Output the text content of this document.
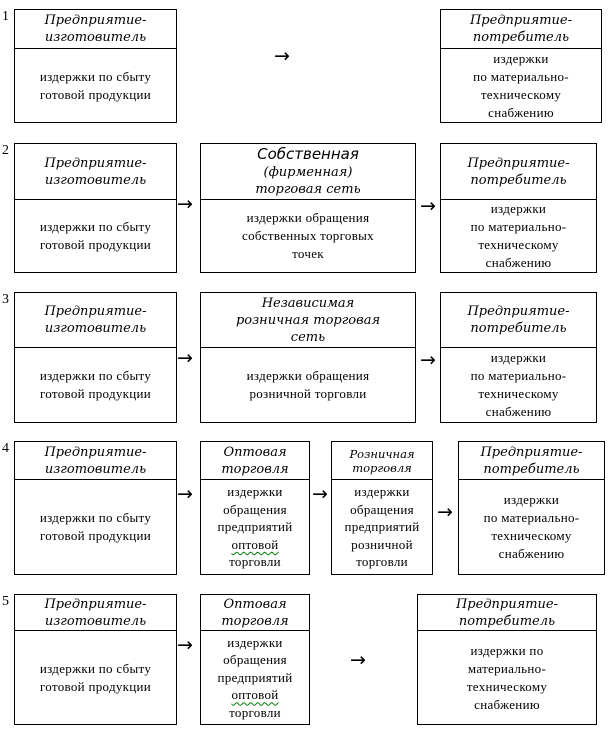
1	Предприятие-
изготовитель
издержки по сбыту
готовой продукции
→
Предприятие-
потребитель
издержки
по материально-
техническому
снабжению
2
Предприятие-
изготовитель
издержки по сбыту
готовой продукции
→
Собственная
(фирменная)
торговая сеть
издержки обращения
собственных торговых
точек
→
Предприятие-
потребитель
издержки
по материально-
техническому
снабжению
3
Предприятие-
изготовитель
издержки по сбыту
готовой продукции
→
Независимая
розничная торговая
сеть
издержки обращения
розничной торговли
→
Предприятие-
потребитель
издержки
по материально-
техническому
снабжению
4	Предприятие-
изготовитель
издержки по сбыту
готовой продукции
→
Оптовая
торговля
издержки
обращения
предприятий
оптовой
торговли
→
Розничная
торговля
издержки
обращения
предприятий
розничной
торговли
→
Предприятие-
потребитель
издержки
по материально-
техническому
снабжению
5	Предприятие-
изготовитель
издержки по сбыту
готовой продукции
→
Оптовая
торговля
издержки
обращения
предприятий
оптовой
торговли
→
Предприятие-
потребитель
издержки по
материально-
техническому
снабжению
